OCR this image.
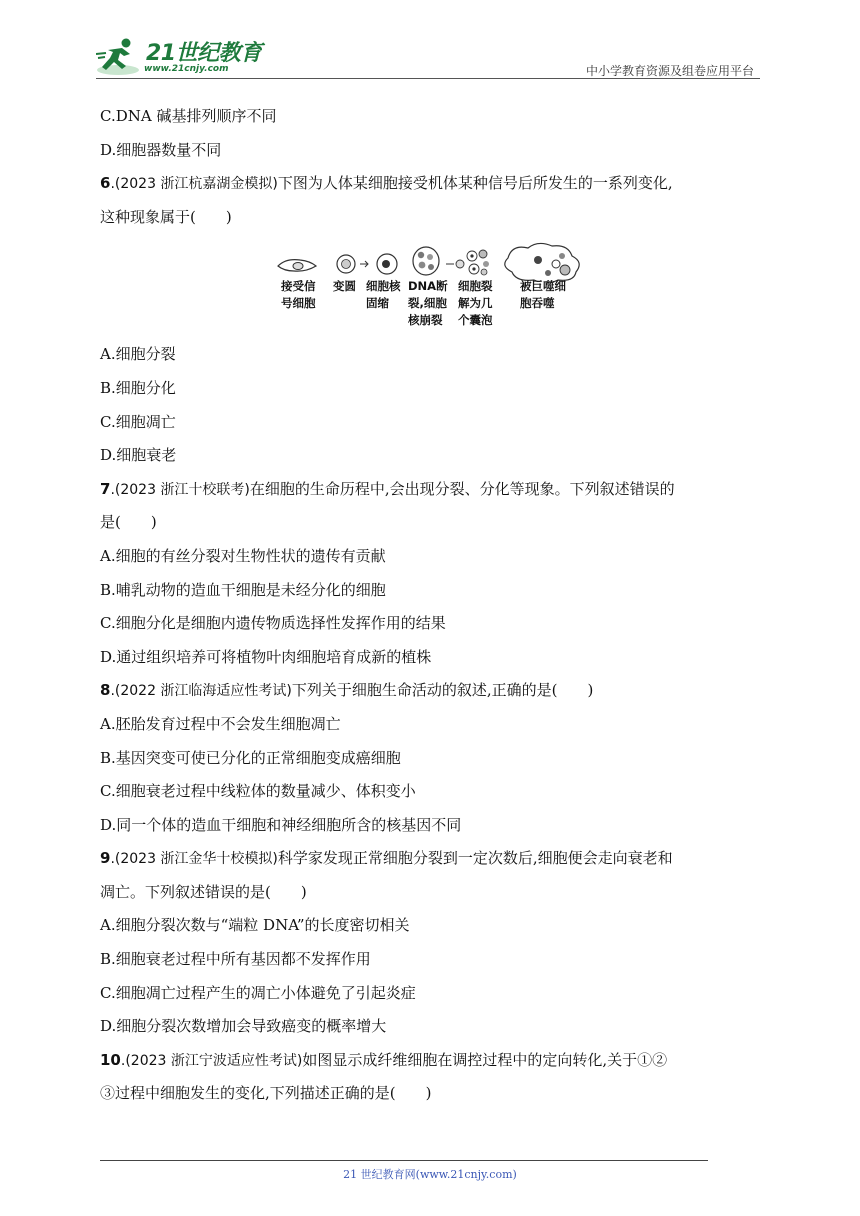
21世纪教育
www.21cnjy.com	中小学教育资源及组卷应用平台
C.DNA 碱基排列顺序不同
D.细胞器数量不同
6.(2023 浙江杭嘉湖金模拟)下图为人体某细胞接受机体某种信号后所发生的一系列变化,
这种现象属于(　　)
接受信
号细胞
变圆 细胞核
固缩
DNA断
裂,细胞
核崩裂
细胞裂
解为几
个囊泡
被巨噬细
胞吞噬
A.细胞分裂
B.细胞分化
C.细胞凋亡
D.细胞衰老
7.(2023 浙江十校联考)在细胞的生命历程中,会出现分裂、分化等现象。下列叙述错误的
是(　　)
A.细胞的有丝分裂对生物性状的遗传有贡献
B.哺乳动物的造血干细胞是未经分化的细胞
C.细胞分化是细胞内遗传物质选择性发挥作用的结果
D.通过组织培养可将植物叶肉细胞培育成新的植株
8.(2022 浙江临海适应性考试)下列关于细胞生命活动的叙述,正确的是(　　)
A.胚胎发育过程中不会发生细胞凋亡
B.基因突变可使已分化的正常细胞变成癌细胞
C.细胞衰老过程中线粒体的数量减少、体积变小
D.同一个体的造血干细胞和神经细胞所含的核基因不同
9.(2023 浙江金华十校模拟)科学家发现正常细胞分裂到一定次数后,细胞便会走向衰老和
凋亡。下列叙述错误的是(　　)
A.细胞分裂次数与“端粒 DNA”的长度密切相关
B.细胞衰老过程中所有基因都不发挥作用
C.细胞凋亡过程产生的凋亡小体避免了引起炎症
D.细胞分裂次数增加会导致癌变的概率增大
10.(2023 浙江宁波适应性考试)如图显示成纤维细胞在调控过程中的定向转化,关于①②
③过程中细胞发生的变化,下列描述正确的是(　　)
21 世纪教育网(www.21cnjy.com)
